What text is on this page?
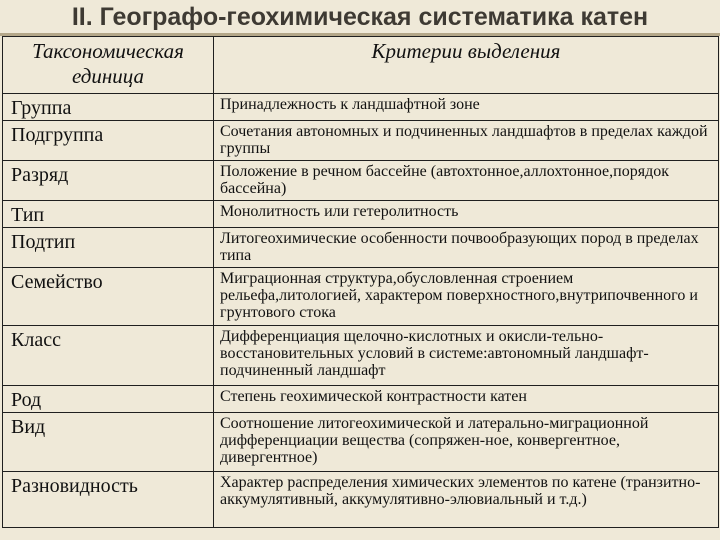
II. Географо-геохимическая систематика катен
Таксономическая единица	Критерии выделения
Группа	Принадлежность к ландшафтной зоне
Подгруппа	Сочетания автономных и подчиненных ландшафтов в пределах каждой группы
Разряд	Положение в речном бассейне (автохтонное,аллохтонное,порядок бассейна)
Тип	Монолитность или гетеролитность
Подтип	Литогеохимические особенности почвообразующих пород в пределах типа
Семейство	Миграционная структура,обусловленная строением рельефа,литологией, характером поверхностного,внутрипочвенного и грунтового стока
Класс	Дифференциация щелочно-кислотных и окисли-тельно-восстановительных условий в системе:автономный ландшафт-подчиненный ландшафт
Род	Степень геохимической контрастности катен
Вид	Соотношение литогеохимической и латерально-миграционной дифференциации вещества (сопряжен-ное, конвергентное, дивергентное)
Разновидность	Характер распределения химических элементов по катене (транзитно-аккумулятивный, аккумулятивно-элювиальный и т.д.)
